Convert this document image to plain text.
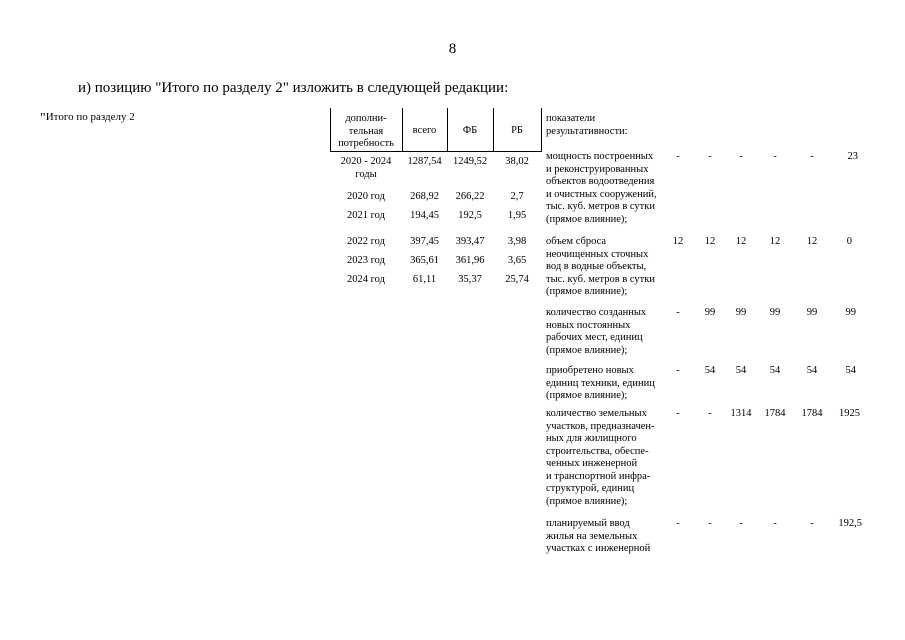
8
и) позицию "Итого по разделу 2" изложить в следующей редакции:
"Итого по разделу 2	дополни-
тельная
потребность
всего	ФБ	РБ
2020 - 2024
годы
1287,54	1249,52	38,02
2020 год	268,92	266,22	2,7
2021 год	194,45	192,5	1,95
2022 год	397,45	393,47	3,98
2023 год	365,61	361,96	3,65
2024 год	61,11	35,37	25,74
показатели
результативности:
мощность построенных
и реконструированных
объектов водоотведения
и очистных сооружений,
тыс. куб. метров в сутки
(прямое влияние);
-	-	-	-	-	23
объем сброса
неочищенных сточных
вод в водные объекты,
тыс. куб. метров в сутки
(прямое влияние);
12	12	12	12	12	0
количество созданных
новых постоянных
рабочих мест, единиц
(прямое влияние);
-	99	99	99	99	99
приобретено новых
единиц техники, единиц
(прямое влияние);
-	54	54	54	54	54
количество земельных
участков, предназначен-
ных для жилищного
строительства, обеспе-
ченных инженерной
и транспортной инфра-
структурой, единиц
(прямое влияние);
-	-	1314	1784	1784	1925
планируемый ввод
жилья на земельных
участках с инженерной
-	-	-	-	-	192,5
